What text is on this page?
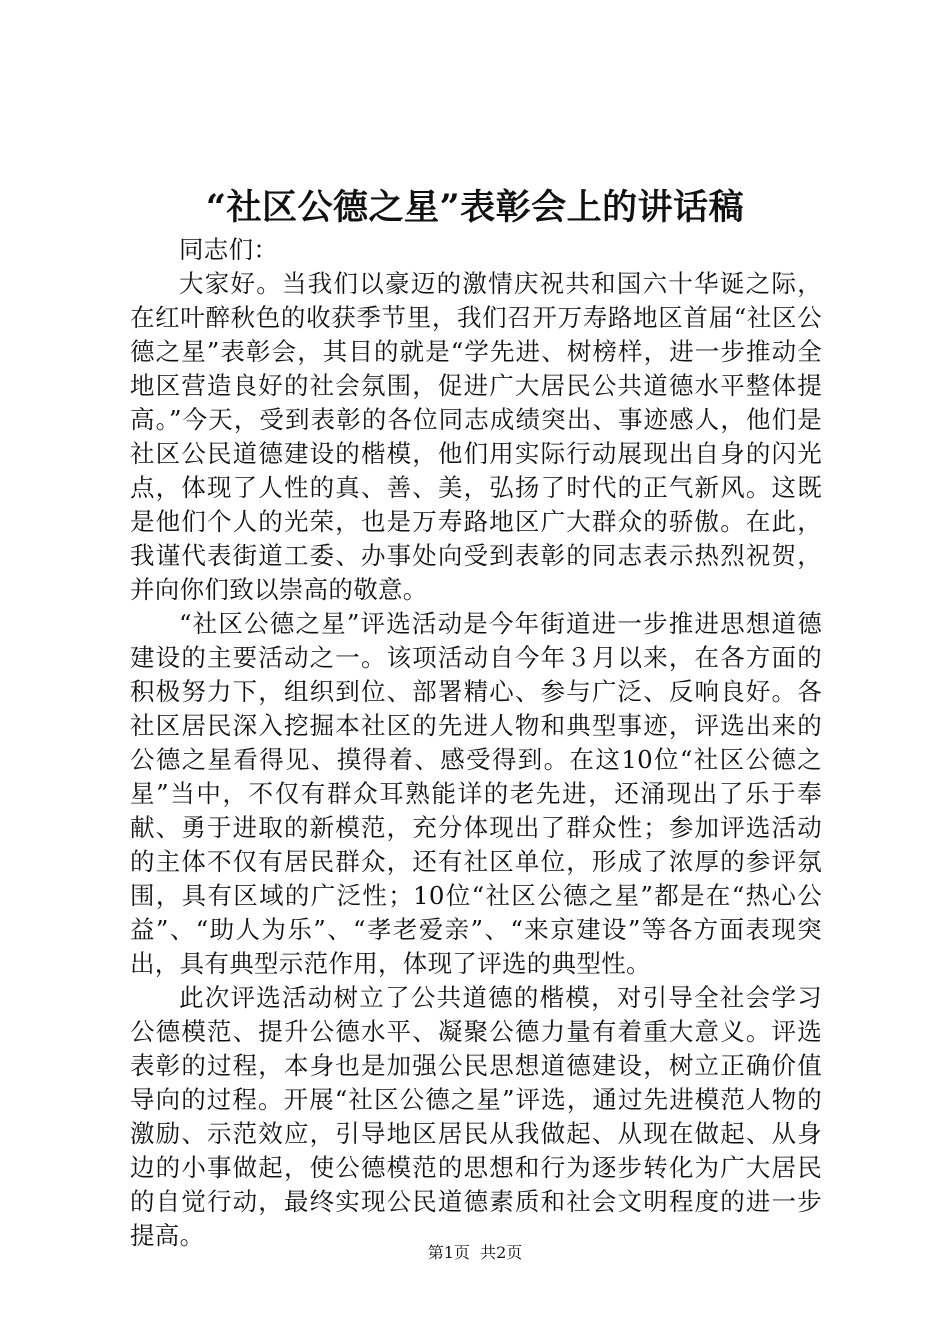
“社区公德之星”表彰会上的讲话稿

同志们：

大家好。当我们以豪迈的激情庆祝共和国六十华诞之际，在红叶醉秋色的收获季节里，我们召开万寿路地区首届“社区公德之星”表彰会，其目的就是“学先进、树榜样，进一步推动全地区营造良好的社会氛围，促进广大居民公共道德水平整体提高。”今天，受到表彰的各位同志成绩突出、事迹感人，他们是社区公民道德建设的楷模，他们用实际行动展现出自身的闪光点，体现了人性的真、善、美，弘扬了时代的正气新风。这既是他们个人的光荣，也是万寿路地区广大群众的骄傲。在此，我谨代表街道工委、办事处向受到表彰的同志表示热烈祝贺，并向你们致以崇高的敬意。

“社区公德之星”评选活动是今年街道进一步推进思想道德建设的主要活动之一。该项活动自今年３月以来，在各方面的积极努力下，组织到位、部署精心、参与广泛、反响良好。各社区居民深入挖掘本社区的先进人物和典型事迹，评选出来的公德之星看得见、摸得着、感受得到。在这10位“社区公德之星”当中，不仅有群众耳熟能详的老先进，还涌现出了乐于奉献、勇于进取的新模范，充分体现出了群众性；参加评选活动的主体不仅有居民群众，还有社区单位，形成了浓厚的参评氛围，具有区域的广泛性；10位“社区公德之星”都是在“热心公益”、“助人为乐”、“孝老爱亲”、“来京建设”等各方面表现突出，具有典型示范作用，体现了评选的典型性。

此次评选活动树立了公共道德的楷模，对引导全社会学习公德模范、提升公德水平、凝聚公德力量有着重大意义。评选表彰的过程，本身也是加强公民思想道德建设，树立正确价值导向的过程。开展“社区公德之星”评选，通过先进模范人物的激励、示范效应，引导地区居民从我做起、从现在做起、从身边的小事做起，使公德模范的思想和行为逐步转化为广大居民的自觉行动，最终实现公民道德素质和社会文明程度的进一步提高。

第1页  共2页
